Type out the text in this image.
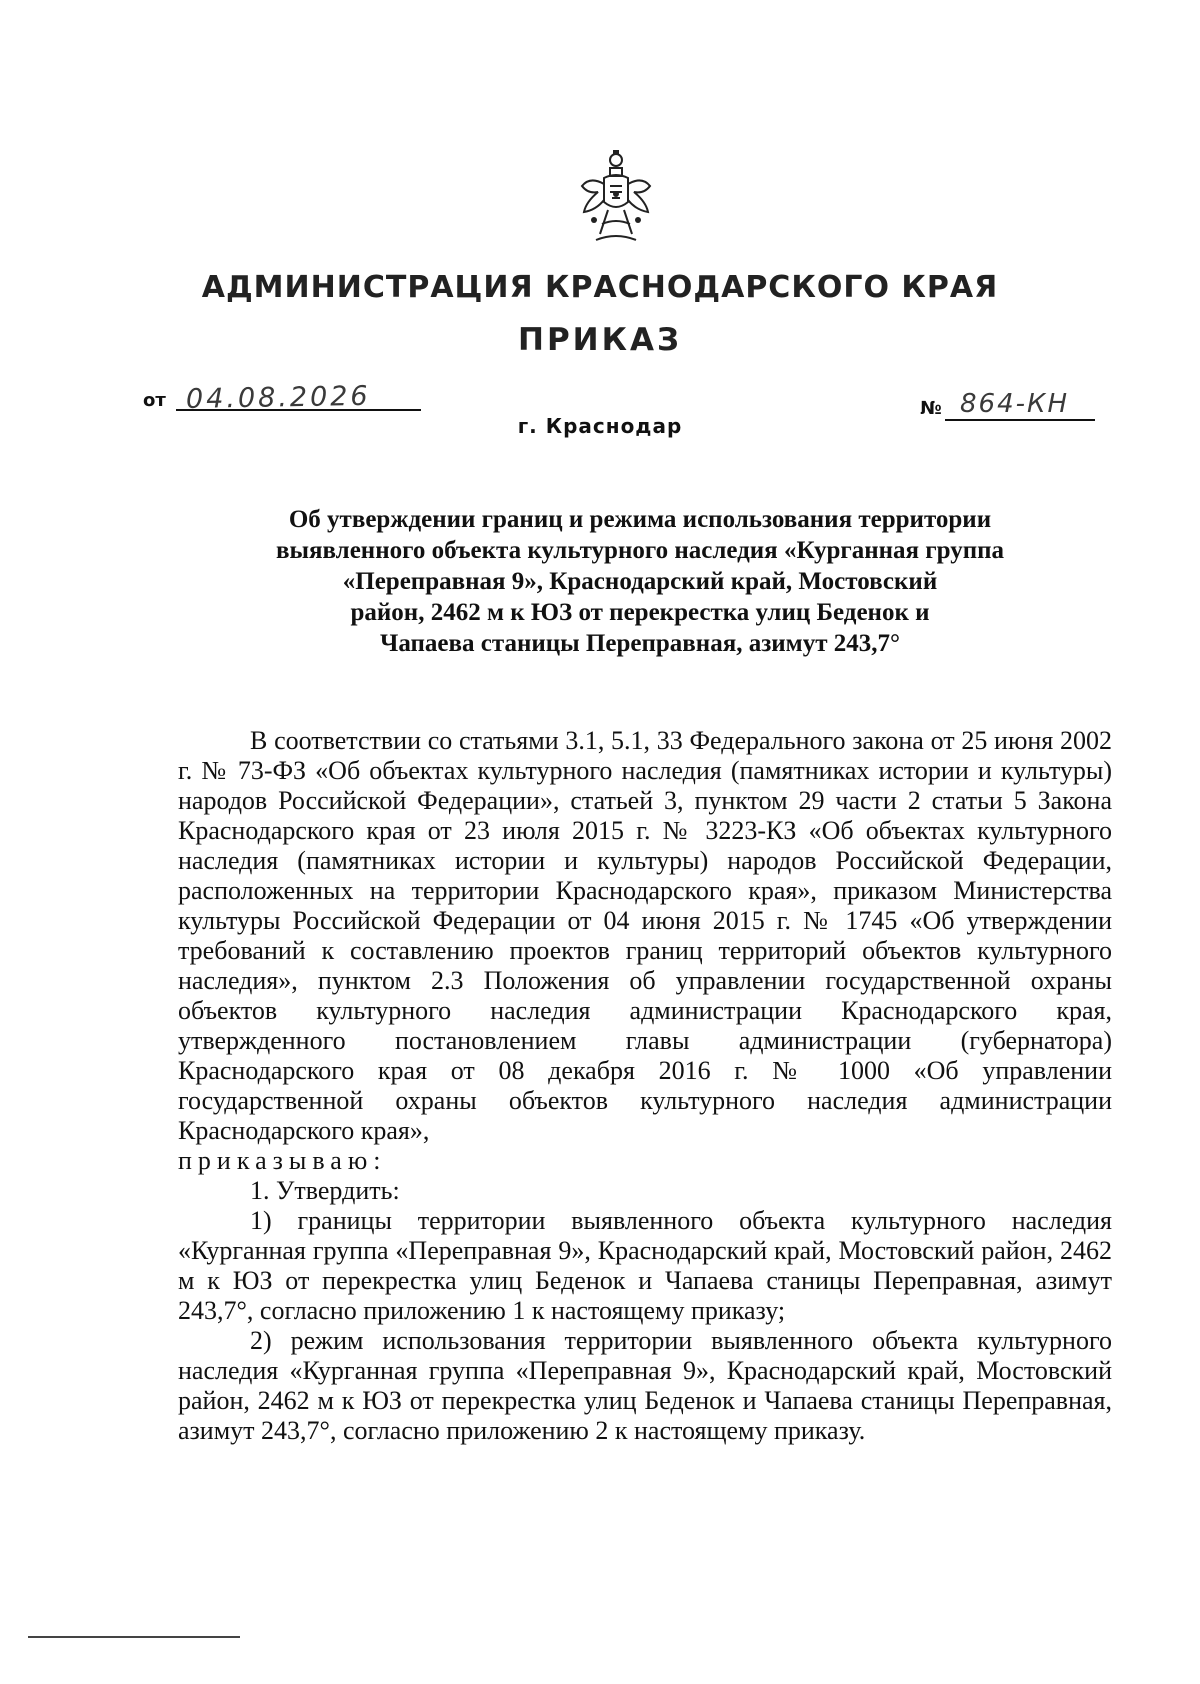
АДМИНИСТРАЦИЯ КРАСНОДАРСКОГО КРАЯ
ПРИКАЗ
от 04.08.2026
г. Краснодар
№ 864-КН
Об утверждении границ и режима использования территории
выявленного объекта культурного наследия «Курганная группа
«Переправная 9», Краснодарский край, Мостовский
район, 2462 м к ЮЗ от перекрестка улиц Беденок и
Чапаева станицы Переправная, азимут 243,7°

В соответствии со статьями 3.1, 5.1, 33 Федерального закона от 25 июня 2002 г. № 73-ФЗ «Об объектах культурного наследия (памятниках истории и культуры) народов Российской Федерации», статьей 3, пунктом 29 части 2 статьи 5 Закона Краснодарского края от 23 июля 2015 г. № 3223-КЗ «Об объектах культурного наследия (памятниках истории и культуры) народов Российской Федерации, расположенных на территории Краснодарского края», приказом Министерства культуры Российской Федерации от 04 июня 2015 г. № 1745 «Об утверждении требований к составлению проектов границ территорий объектов культурного наследия», пунктом 2.3 Положения об управлении государственной охраны объектов культурного наследия администрации Краснодарского края, утвержденного постановлением главы администрации (губернатора) Краснодарского края от 08 декабря 2016 г. № 1000 «Об управлении государственной охраны объектов культурного наследия администрации Краснодарского края»,

приказываю:

1. Утвердить:

1) границы территории выявленного объекта культурного наследия «Курганная группа «Переправная 9», Краснодарский край, Мостовский район, 2462 м к ЮЗ от перекрестка улиц Беденок и Чапаева станицы Переправная, азимут 243,7°, согласно приложению 1 к настоящему приказу;

2) режим использования территории выявленного объекта культурного наследия «Курганная группа «Переправная 9», Краснодарский край, Мостовский район, 2462 м к ЮЗ от перекрестка улиц Беденок и Чапаева станицы Переправная, азимут 243,7°, согласно приложению 2 к настоящему приказу.
